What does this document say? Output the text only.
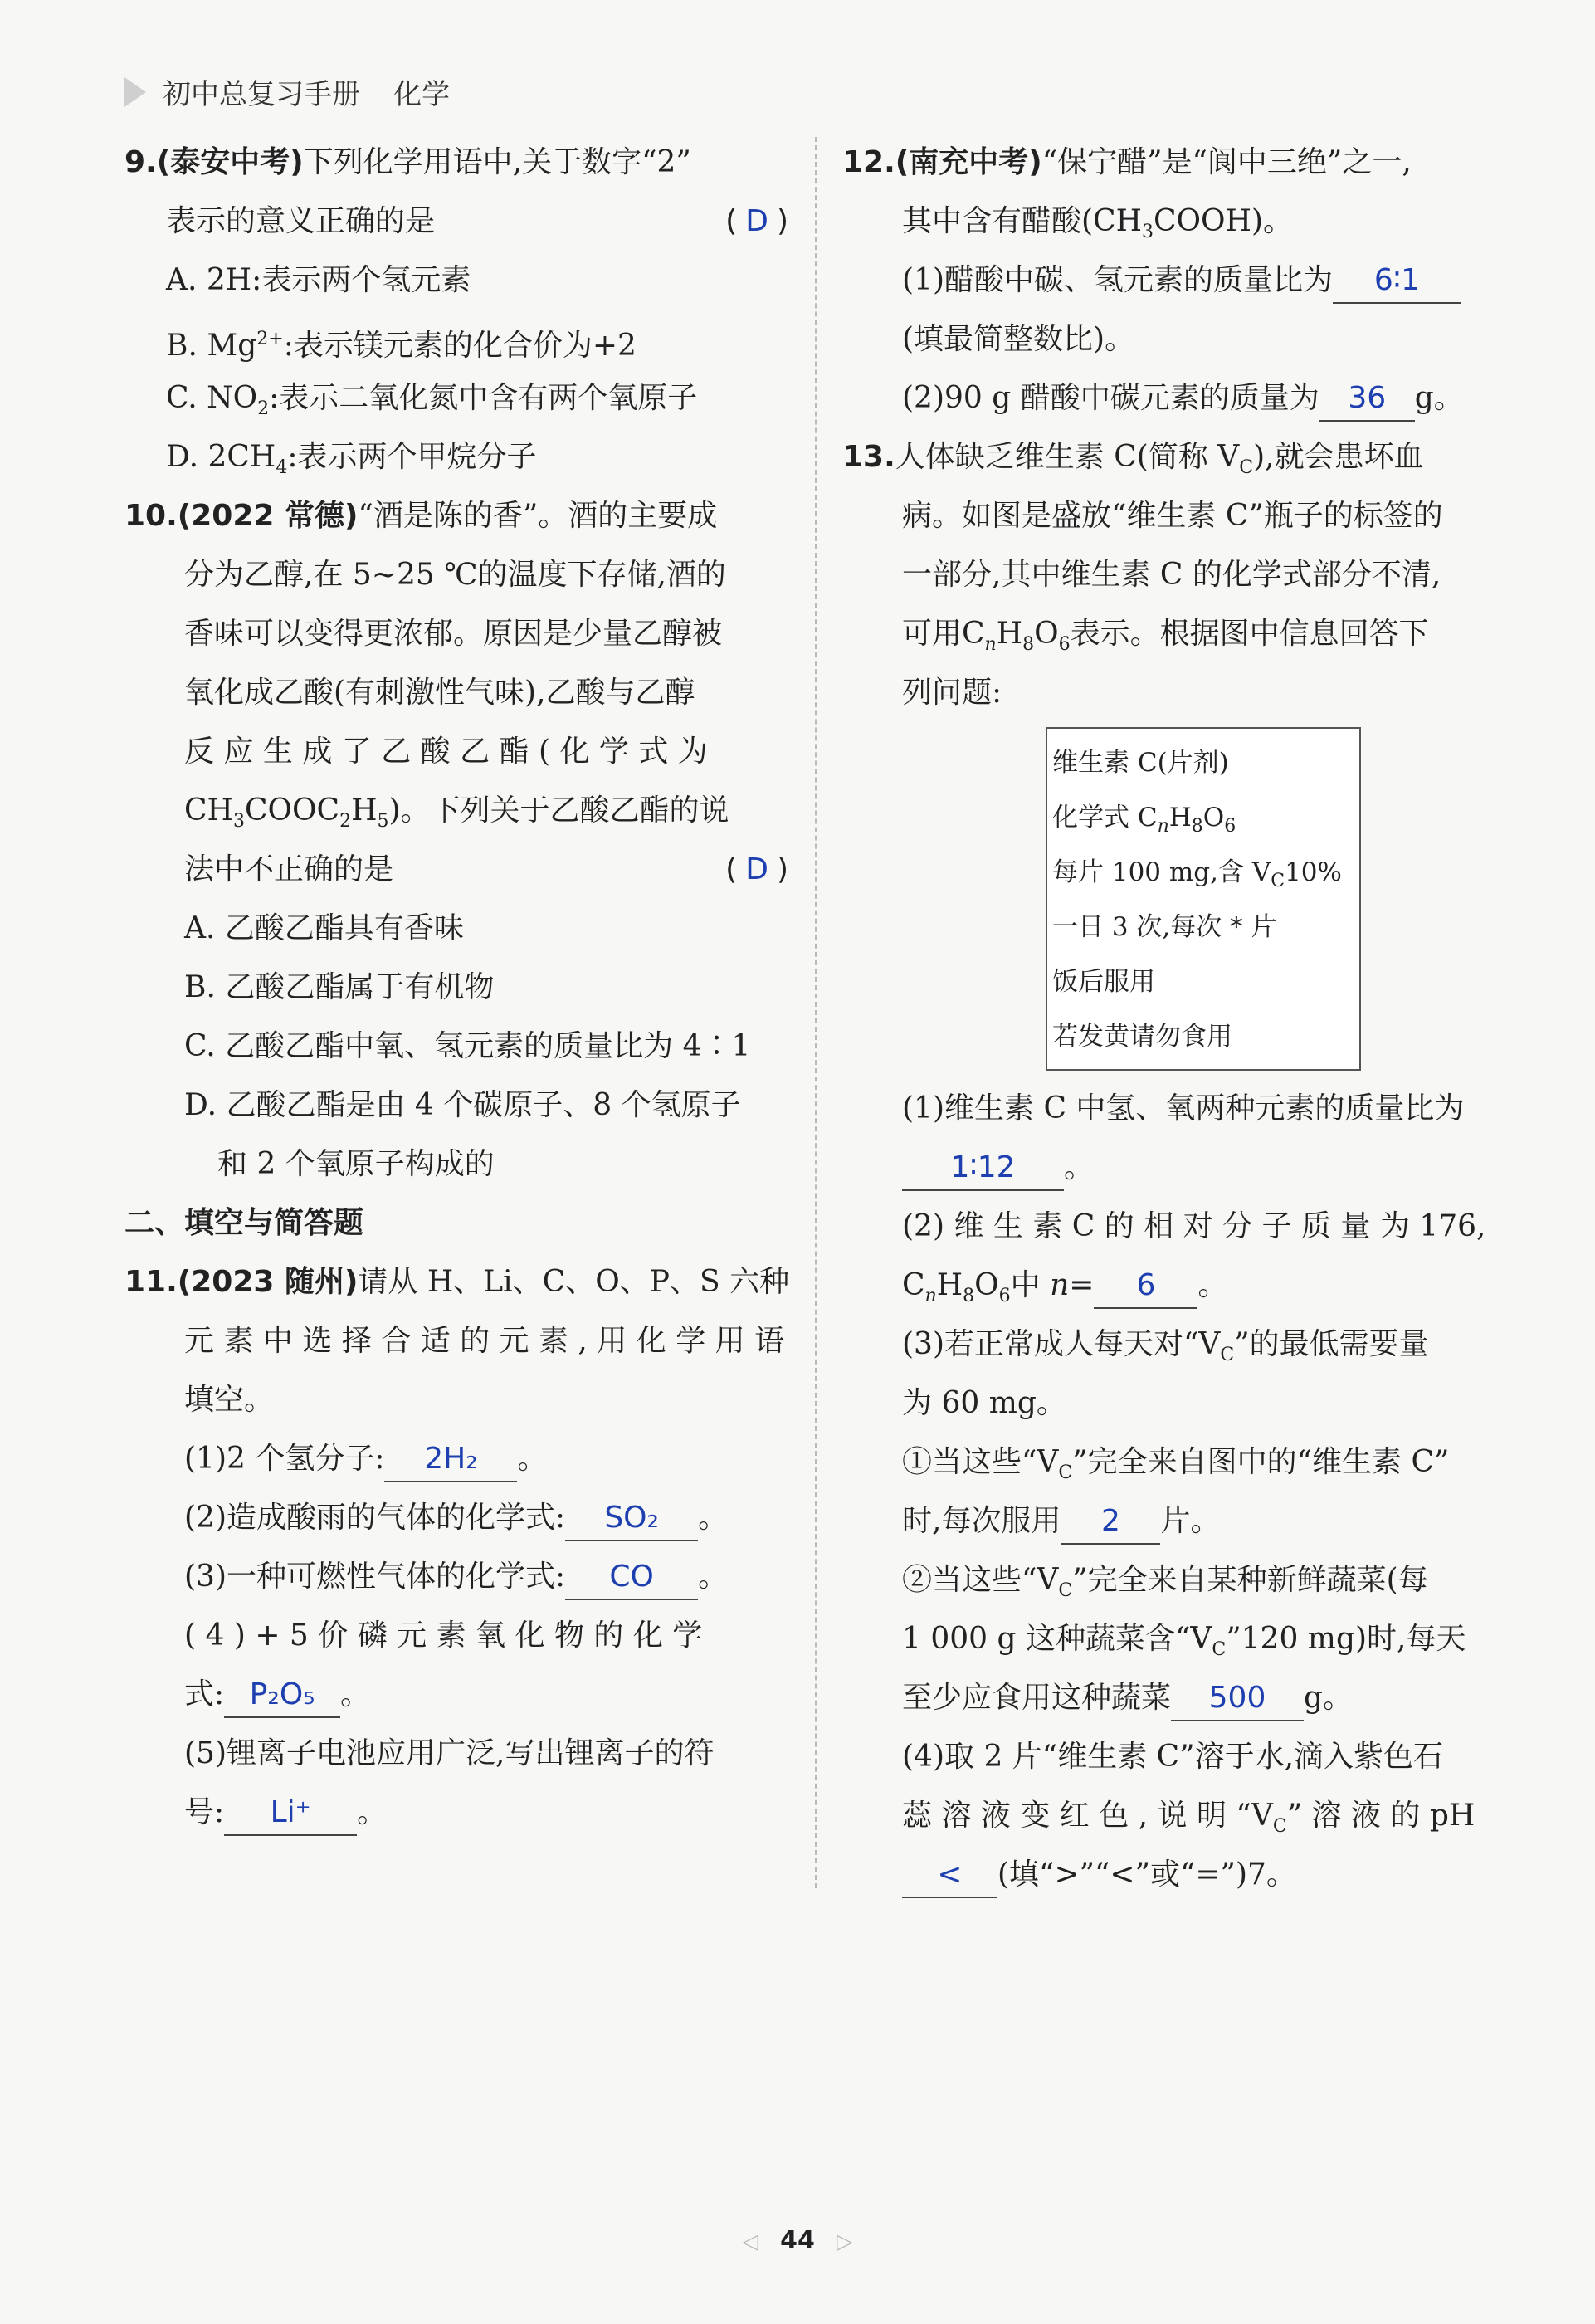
初中总复习手册 化学
9.(泰安中考)下列化学用语中,关于数字“2”
表示的意义正确的是	( D )
A. 2H:表示两个氢元素
B. $Mg^{2+}$:表示镁元素的化合价为+2
C. $NO_2$:表示二氧化氮中含有两个氧原子
D. $2CH_4$:表示两个甲烷分子
10.(2022 常德)“酒是陈的香”。酒的主要成
分为乙醇,在 5~25 ℃的温度下存储,酒的
香味可以变得更浓郁。原因是少量乙醇被
氧化成乙酸(有刺激性气味),乙酸与乙醇
反 应 生 成 了 乙 酸 乙 酯 ( 化 学 式 为
$CH_3COOC_2H_5$)。下列关于乙酸乙酯的说
法中不正确的是	( D )
A. 乙酸乙酯具有香味
B. 乙酸乙酯属于有机物
C. 乙酸乙酯中氧、氢元素的质量比为 4∶1
D. 乙酸乙酯是由 4 个碳原子、8 个氢原子
和 2 个氧原子构成的
二、填空与简答题
11.(2023 随州)请从 H、Li、C、O、P、S 六种
元 素 中 选 择 合 适 的 元 素 , 用 化 学 用 语
填空。
(1)2 个氢分子: 2H₂ 。
(2)造成酸雨的气体的化学式: SO₂ 。
(3)一种可燃性气体的化学式: CO 。
( 4 ) + 5 价 磷 元 素 氧 化 物 的 化 学
式: P₂O₅ 。
(5)锂离子电池应用广泛,写出锂离子的符
号: Li⁺ 。
12.(南充中考)“保宁醋”是“阆中三绝”之一,
其中含有醋酸$(CH_3COOH)$。
(1)醋酸中碳、氢元素的质量比为 6∶1
(填最简整数比)。
(2)90 g 醋酸中碳元素的质量为 36 g。
13.人体缺乏维生素 C(简称 $V_C$),就会患坏血
病。如图是盛放“维生素 C”瓶子的标签的
一部分,其中维生素 C 的化学式部分不清,
可用$C_nH_8O_6$表示。根据图中信息回答下
列问题:
维生素 C(片剂)
化学式 $C_nH_8O_6$
每片 100 mg,含 $V_C10\%$
一日 3 次,每次 * 片
饭后服用
若发黄请勿食用
(1)维生素 C 中氢、氧两种元素的质量比为
1∶12 。
(2) 维 生 素 C 的 相 对 分 子 质 量 为 176,
$C_nH_8O_6$中 n= 6 。
(3)若正常成人每天对“$V_C$”的最低需要量
为 60 mg。
①当这些“$V_C$”完全来自图中的“维生素 C”
时,每次服用 2 片。
②当这些“$V_C$”完全来自某种新鲜蔬菜(每
1 000 g 这种蔬菜含“$V_C”120$ mg)时,每天
至少应食用这种蔬菜 500 g。
(4)取 2 片“维生素 C”溶于水,滴入紫色石
蕊 溶 液 变 红 色 , 说 明 “$V_C$” 溶 液 的 pH
< (填“>”“<”或“=”)7。
◁ 44 ▷
